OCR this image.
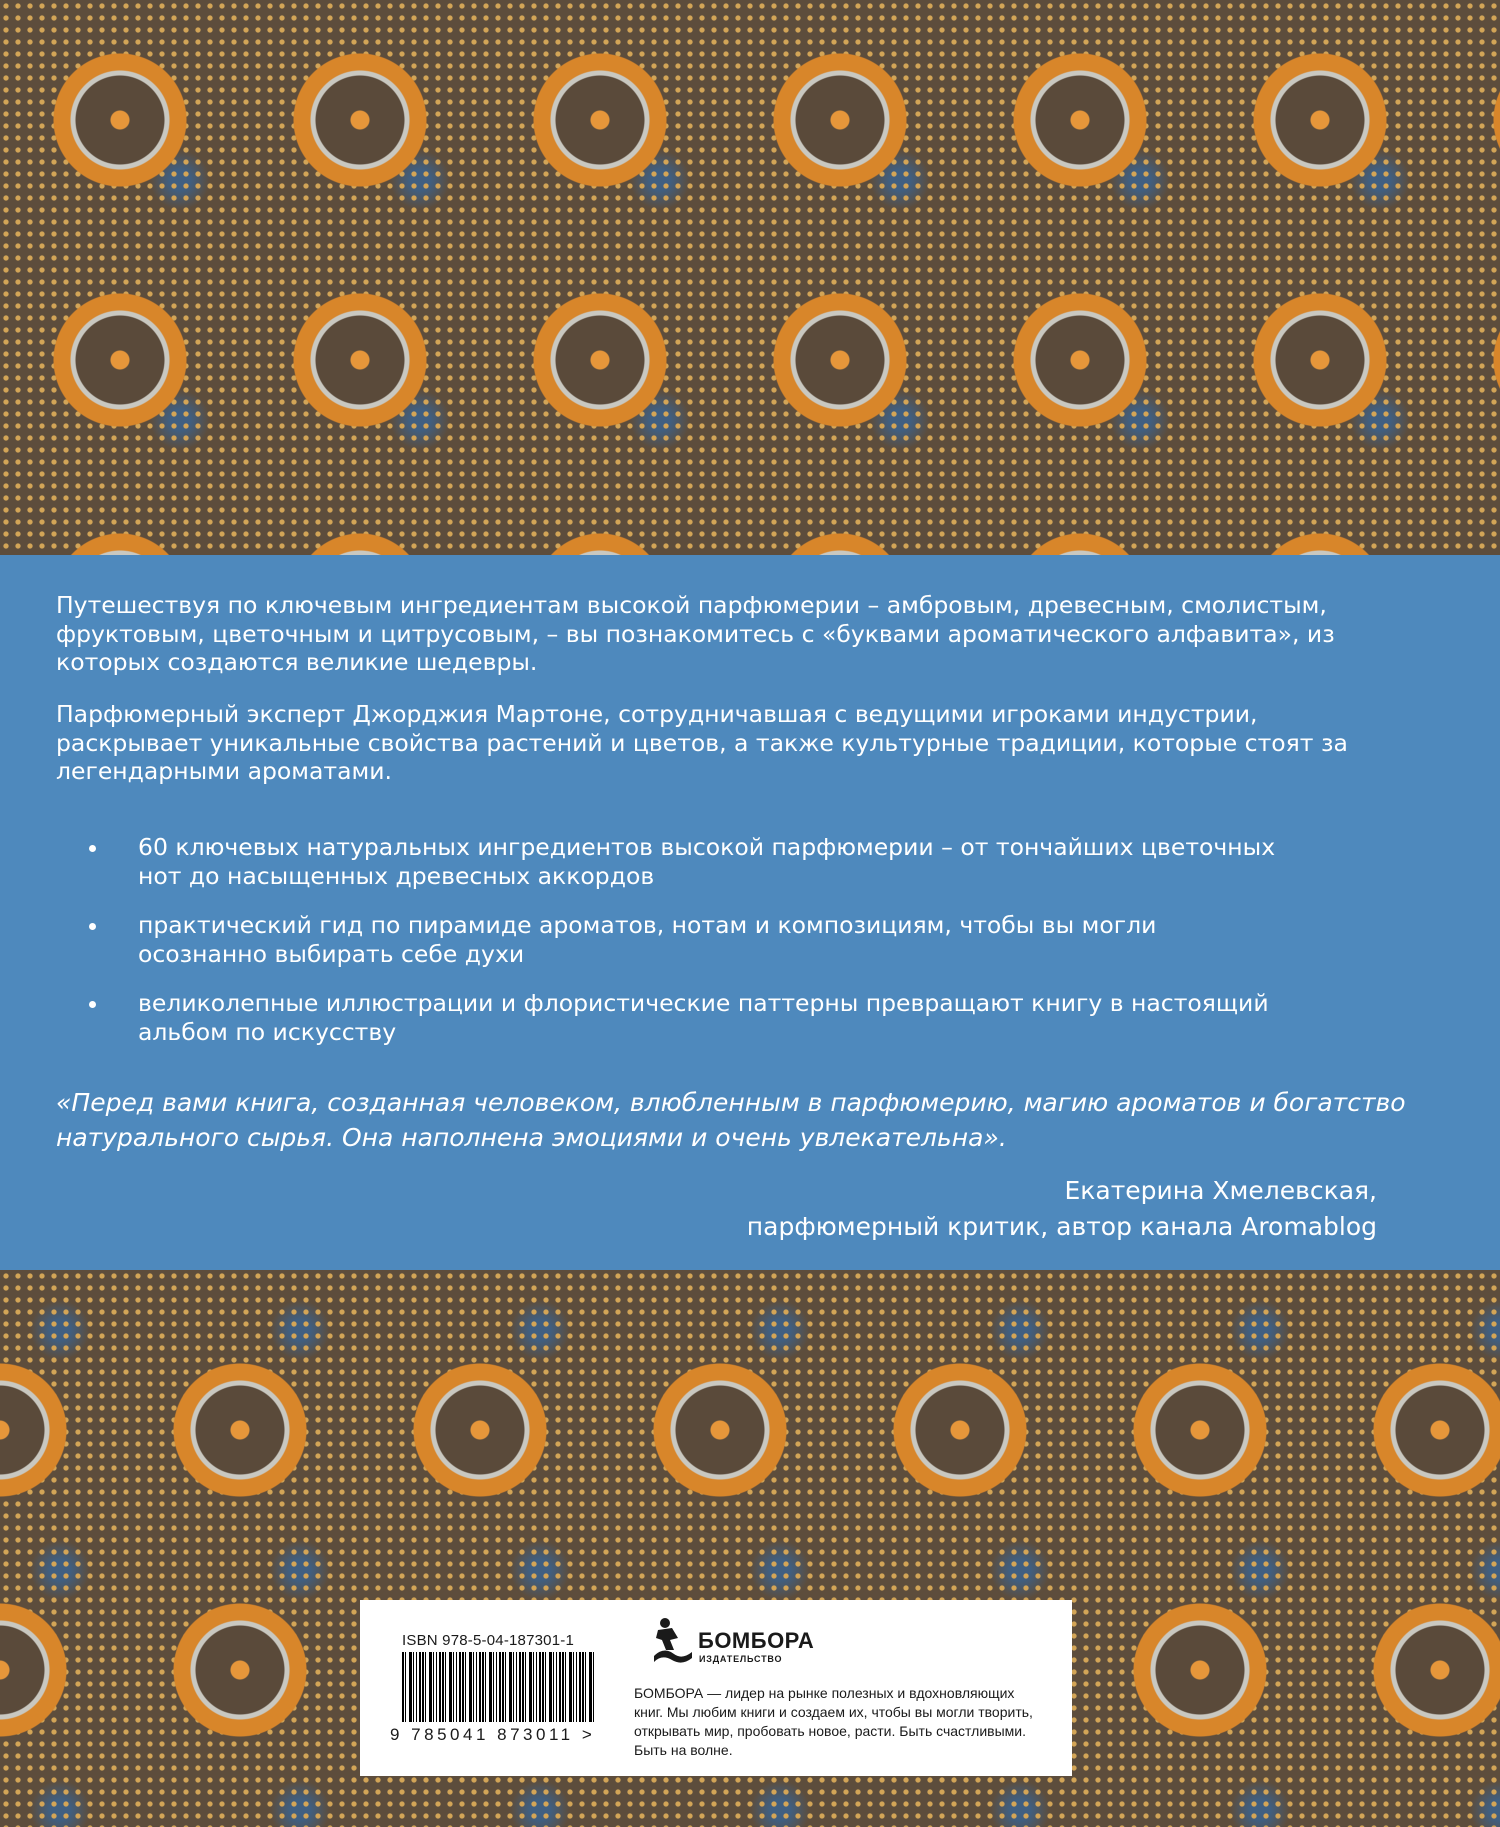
Путешествуя по ключевым ингредиентам высокой парфюмерии – амбровым, древесным, смолистым, фруктовым, цветочным и цитрусовым, – вы познакомитесь с «буквами ароматического алфавита», из которых создаются великие шедевры.

Парфюмерный эксперт Джорджия Мартоне, сотрудничавшая с ведущими игроками индустрии, раскрывает уникальные свойства растений и цветов, а также культурные традиции, которые стоят за легендарными ароматами.

60 ключевых натуральных ингредиентов высокой парфюмерии – от тончайших цветочных нот до насыщенных древесных аккордов
практический гид по пирамиде ароматов, нотам и композициям, чтобы вы могли осознанно выбирать себе духи
великолепные иллюстрации и флористические паттерны превращают книгу в настоящий альбом по искусству

«Перед вами книга, созданная человеком, влюбленным в парфюмерию, магию ароматов и богатство натурального сырья. Она наполнена эмоциями и очень увлекательна».

Екатерина Хмелевская,
парфюмерный критик, автор канала Aromablog
ISBN 978-5-04-187301-1
9 785041 873011 >
БОМБОРА
ИЗДАТЕЛЬСТВО
БОМБОРА — лидер на рынке полезных и вдохновляющих книг. Мы любим книги и создаем их, чтобы вы могли творить, открывать мир, пробовать новое, расти. Быть счастливыми. Быть на волне.
